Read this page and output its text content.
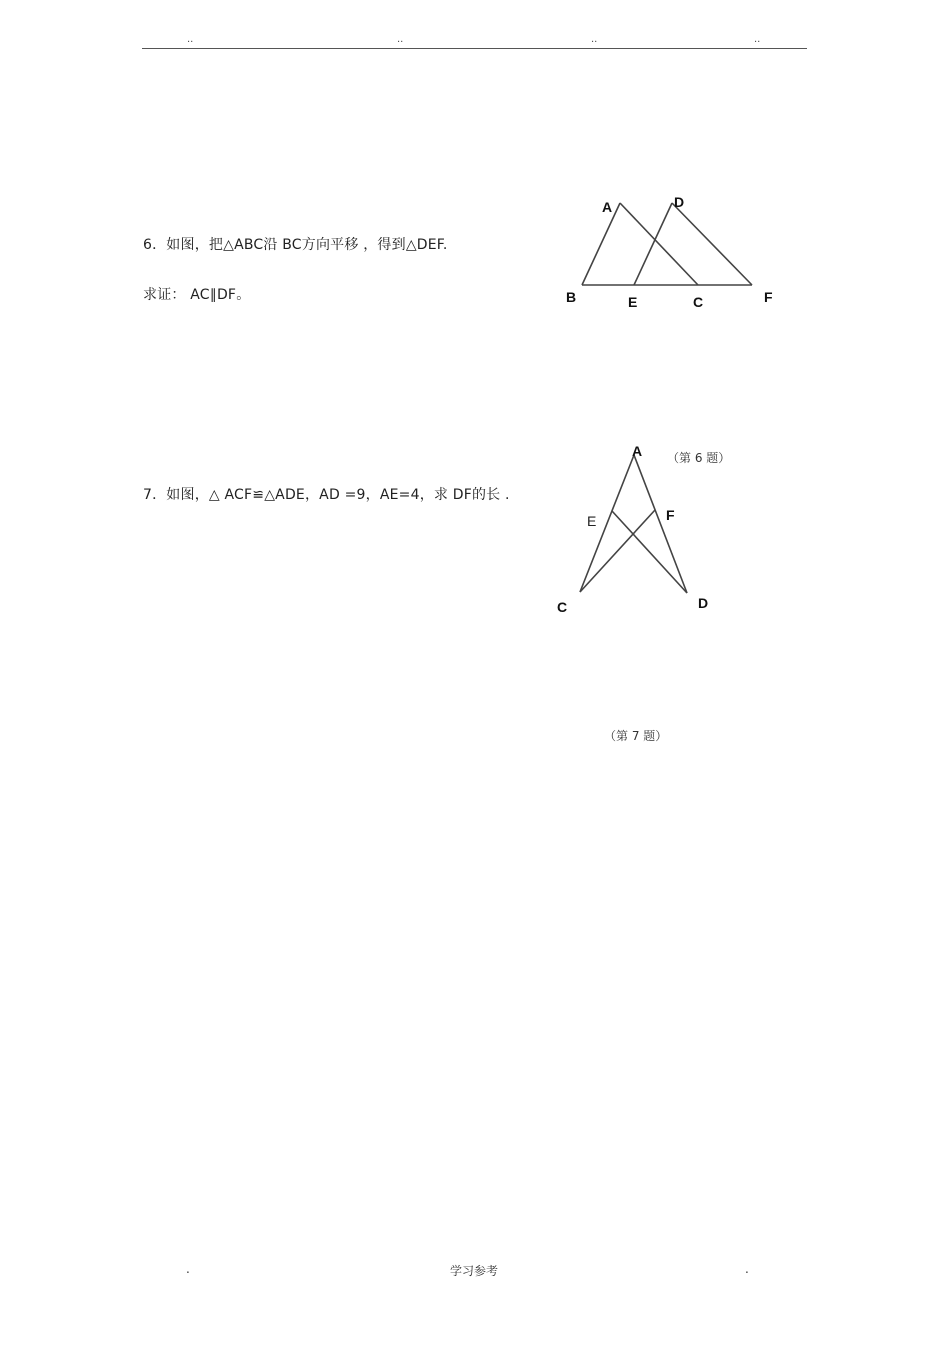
..	..	..	..
6．如图，把△ABC沿 BC方向平移 ，得到△DEF.
求证： AC∥DF。
A	D
B	E	C	F
A
E	F
C	D
（第 6 题）
7．如图，△ ACF≌△ADE，AD =9，AE=4，求 DF的长 .
（第 7 题）
.	学习参考	.
